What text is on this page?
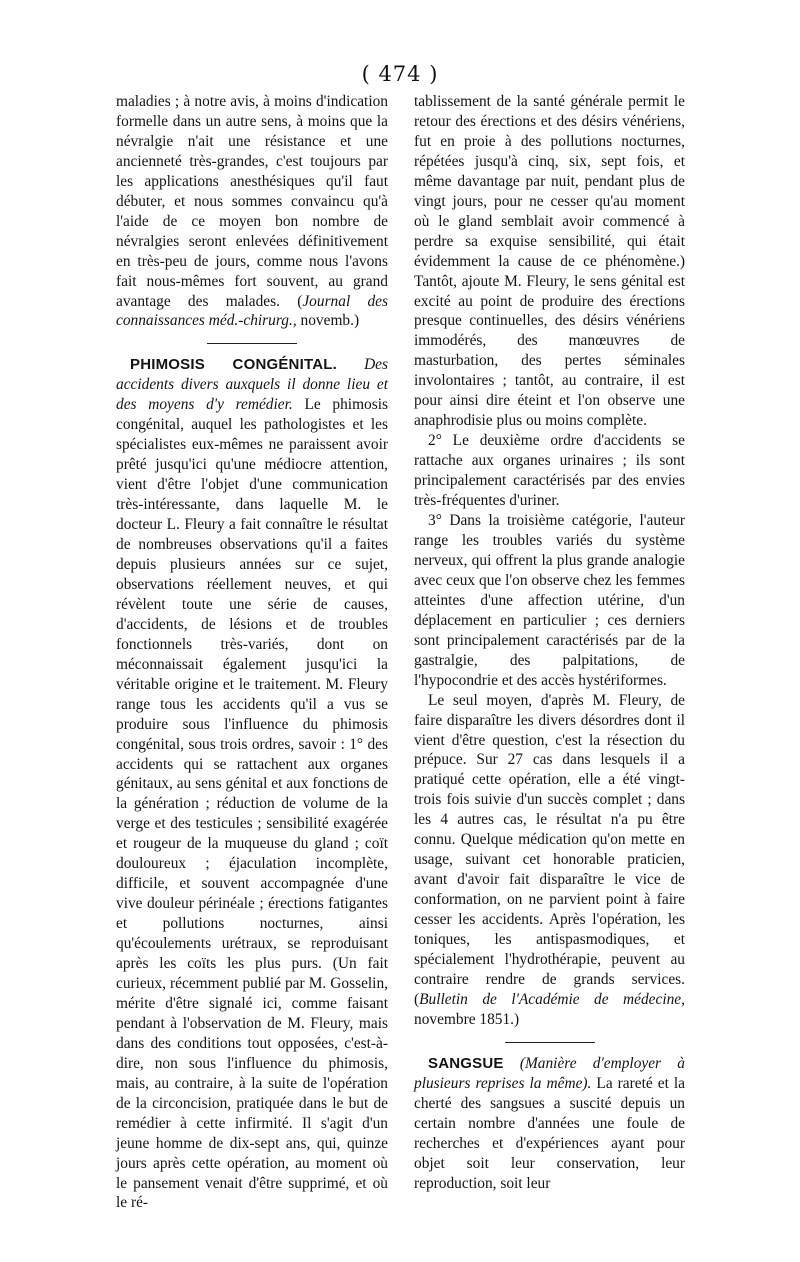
( 474 )

maladies ; à notre avis, à moins d'indication formelle dans un autre sens, à moins que la névralgie n'ait une résistance et une ancienneté très-grandes, c'est toujours par les applications anesthésiques qu'il faut débuter, et nous sommes convaincu qu'à l'aide de ce moyen bon nombre de névralgies seront enlevées définitivement en très-peu de jours, comme nous l'avons fait nous-mêmes fort souvent, au grand avantage des malades. (Journal des connaissances méd.-chirurg., novemb.)

PHIMOSIS CONGÉNITAL. Des accidents divers auxquels il donne lieu et des moyens d'y remédier. Le phimosis congénital, auquel les pathologistes et les spécialistes eux-mêmes ne paraissent avoir prêté jusqu'ici qu'une médiocre attention, vient d'être l'objet d'une communication très-intéressante, dans laquelle M. le docteur L. Fleury a fait connaître le résultat de nombreuses observations qu'il a faites depuis plusieurs années sur ce sujet, observations réellement neuves, et qui révèlent toute une série de causes, d'accidents, de lésions et de troubles fonctionnels très-variés, dont on méconnaissait également jusqu'ici la véritable origine et le traitement. M. Fleury range tous les accidents qu'il a vus se produire sous l'influence du phimosis congénital, sous trois ordres, savoir : 1° des accidents qui se rattachent aux organes génitaux, au sens génital et aux fonctions de la génération ; réduction de volume de la verge et des testicules ; sensibilité exagérée et rougeur de la muqueuse du gland ; coït douloureux ; éjaculation incomplète, difficile, et souvent accompagnée d'une vive douleur périnéale ; érections fatigantes et pollutions nocturnes, ainsi qu'écoulements urétraux, se reproduisant après les coïts les plus purs. (Un fait curieux, récemment publié par M. Gosselin, mérite d'être signalé ici, comme faisant pendant à l'observation de M. Fleury, mais dans des conditions tout opposées, c'est-à-dire, non sous l'influence du phimosis, mais, au contraire, à la suite de l'opération de la circoncision, pratiquée dans le but de remédier à cette infirmité. Il s'agit d'un jeune homme de dix-sept ans, qui, quinze jours après cette opération, au moment où le pansement venait d'être supprimé, et où le ré-

tablissement de la santé générale permit le retour des érections et des désirs vénériens, fut en proie à des pollutions nocturnes, répétées jusqu'à cinq, six, sept fois, et même davantage par nuit, pendant plus de vingt jours, pour ne cesser qu'au moment où le gland semblait avoir commencé à perdre sa exquise sensibilité, qui était évidemment la cause de ce phénomène.) Tantôt, ajoute M. Fleury, le sens génital est excité au point de produire des érections presque continuelles, des désirs vénériens immodérés, des manœuvres de masturbation, des pertes séminales involontaires ; tantôt, au contraire, il est pour ainsi dire éteint et l'on observe une anaphrodisie plus ou moins complète.

2° Le deuxième ordre d'accidents se rattache aux organes urinaires ; ils sont principalement caractérisés par des envies très-fréquentes d'uriner.

3° Dans la troisième catégorie, l'auteur range les troubles variés du système nerveux, qui offrent la plus grande analogie avec ceux que l'on observe chez les femmes atteintes d'une affection utérine, d'un déplacement en particulier ; ces derniers sont principalement caractérisés par de la gastralgie, des palpitations, de l'hypocondrie et des accès hystériformes.

Le seul moyen, d'après M. Fleury, de faire disparaître les divers désordres dont il vient d'être question, c'est la résection du prépuce. Sur 27 cas dans lesquels il a pratiqué cette opération, elle a été vingt-trois fois suivie d'un succès complet ; dans les 4 autres cas, le résultat n'a pu être connu. Quelque médication qu'on mette en usage, suivant cet honorable praticien, avant d'avoir fait disparaître le vice de conformation, on ne parvient point à faire cesser les accidents. Après l'opération, les toniques, les antispasmodiques, et spécialement l'hydrothérapie, peuvent au contraire rendre de grands services. (Bulletin de l'Académie de médecine, novembre 1851.)

SANGSUE (Manière d'employer à plusieurs reprises la même). La rareté et la cherté des sangsues a suscité depuis un certain nombre d'années une foule de recherches et d'expériences ayant pour objet soit leur conservation, leur reproduction, soit leur
